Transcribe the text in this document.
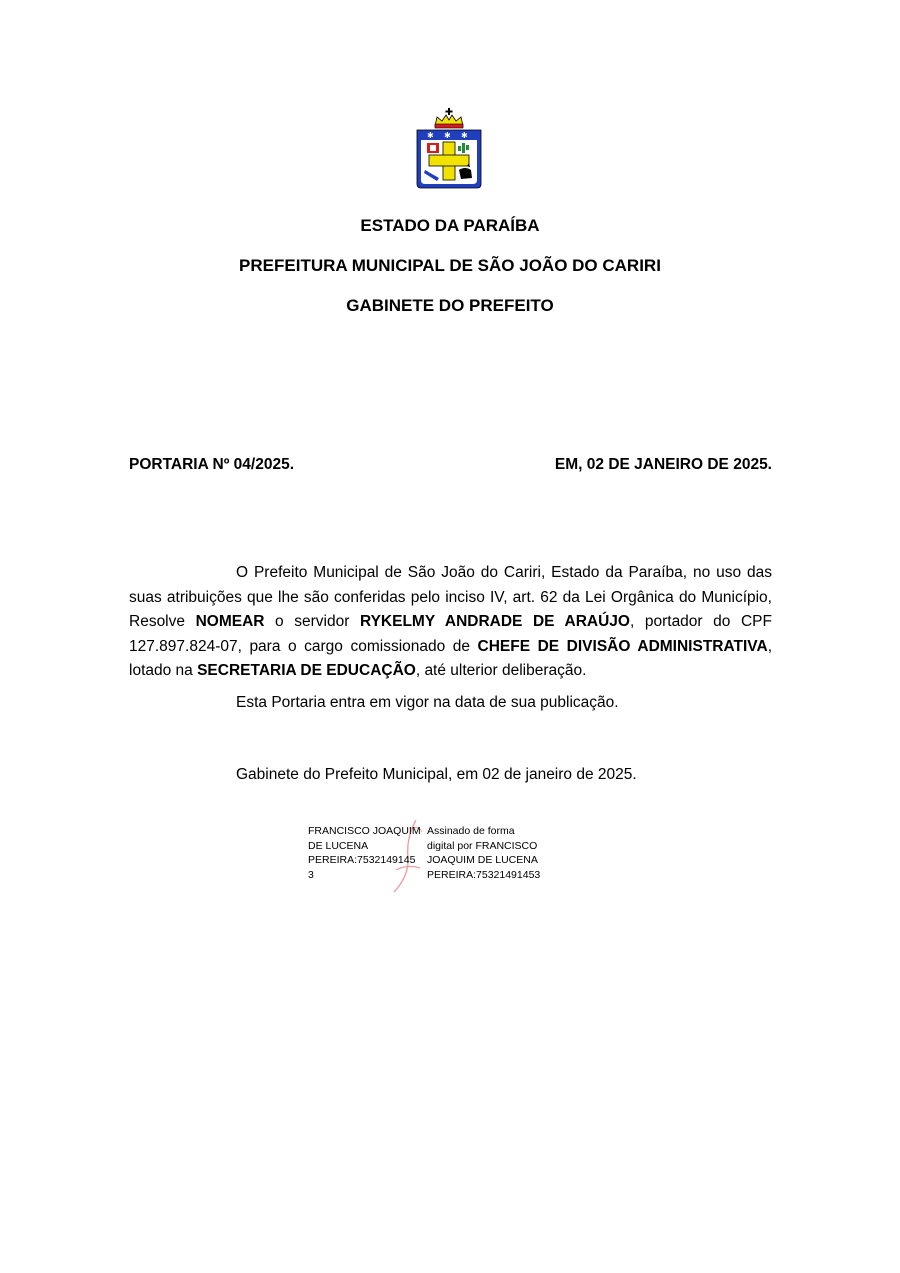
✱ ✱ ✱
ESTADO DA PARAÍBA
PREFEITURA MUNICIPAL DE SÃO JOÃO DO CARIRI
GABINETE DO PREFEITO
PORTARIA Nº 04/2025.	EM, 02 DE JANEIRO DE 2025.

O Prefeito Municipal de São João do Cariri, Estado da Paraíba, no uso das suas atribuições que lhe são conferidas pelo inciso IV, art. 62 da Lei Orgânica do Município, Resolve NOMEAR o servidor RYKELMY ANDRADE DE ARAÚJO, portador do CPF 127.897.824-07, para o cargo comissionado de CHEFE DE DIVISÃO ADMINISTRATIVA, lotado na SECRETARIA DE EDUCAÇÃO, até ulterior deliberação.

Esta Portaria entra em vigor na data de sua publicação.
Gabinete do Prefeito Municipal, em 02 de janeiro de 2025.
FRANCISCO JOAQUIM
DE LUCENA
PEREIRA:7532149145
3
Assinado de forma
digital por FRANCISCO
JOAQUIM DE LUCENA
PEREIRA:75321491453
